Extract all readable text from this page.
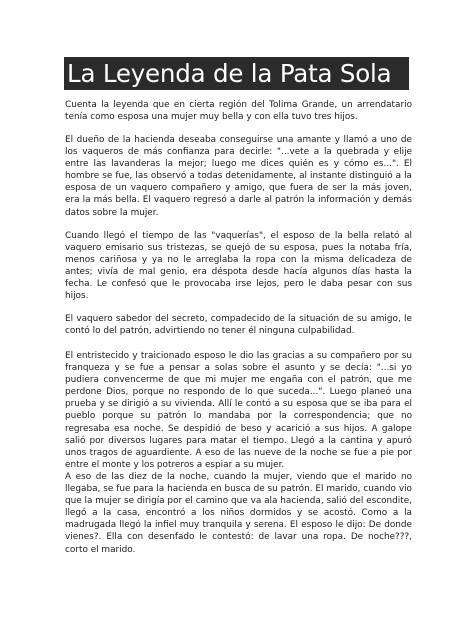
La Leyenda de la Pata Sola

Cuenta la leyenda que en cierta región del Tolima Grande, un arrendatario tenía como esposa una mujer muy bella y con ella tuvo tres hijos.

El dueño de la hacienda deseaba conseguirse una amante y llamó a uno de los vaqueros de más confianza para decirle: "...vete a la quebrada y elije entre las lavanderas la mejor; luego me dices quién es y cómo es...". El hombre se fue, las observó a todas detenidamente, al instante distinguió a la esposa de un vaquero compañero y amigo, que fuera de ser la más joven, era la más bella. El vaquero regresó a darle al patrón la información y demás datos sobre la mujer.

Cuando llegó el tiempo de las "vaquerías", el esposo de la bella relató al vaquero emisario sus tristezas, se quejó de su esposa, pues la notaba fría, menos cariñosa y ya no le arreglaba la ropa con la misma delicadeza de antes; vivía de mal genio, era déspota desde hacía algunos días hasta la fecha. Le confesó que le provocaba irse lejos, pero le daba pesar con sus hijos.

El vaquero sabedor del secreto, compadecido de la situación de su amigo, le contó lo del patrón, advirtiendo no tener él ninguna culpabilidad.

El entristecido y traicionado esposo le dio las gracias a su compañero por su franqueza y se fue a pensar a solas sobre el asunto y se decía: "...si yo pudiera convencerme de que mi mujer me engaña con el patrón, que me perdone Dios, porque no respondo de lo que suceda...". Luego planeó una prueba y se dirigió a su vivienda. Allí le contó a su esposa que se iba para el pueblo porque su patrón lo mandaba por la correspondencia; que no regresaba esa noche. Se despidió de beso y acarició a sus hijos. A galope salió por diversos lugares para matar el tiempo. Llegó a la cantina y apuró unos tragos de aguardiente. A eso de las nueve de la noche se fue a pie por entre el monte y los potreros a espiar a su mujer.

A eso de las diez de la noche, cuando la mujer, viendo que el marido no llegaba, se fue para la hacienda en busca de su patrón. El marido, cuando vio que la mujer se dirigía por el camino que va ala hacienda, salió del escondite, llegó a la casa, encontró a los niños dormidos y se acostó. Como a la madrugada llegó la infiel muy tranquila y serena. El esposo le dijo: De donde vienes?. Ella con desenfado le contestó: de lavar una ropa. De noche???, corto el marido.
